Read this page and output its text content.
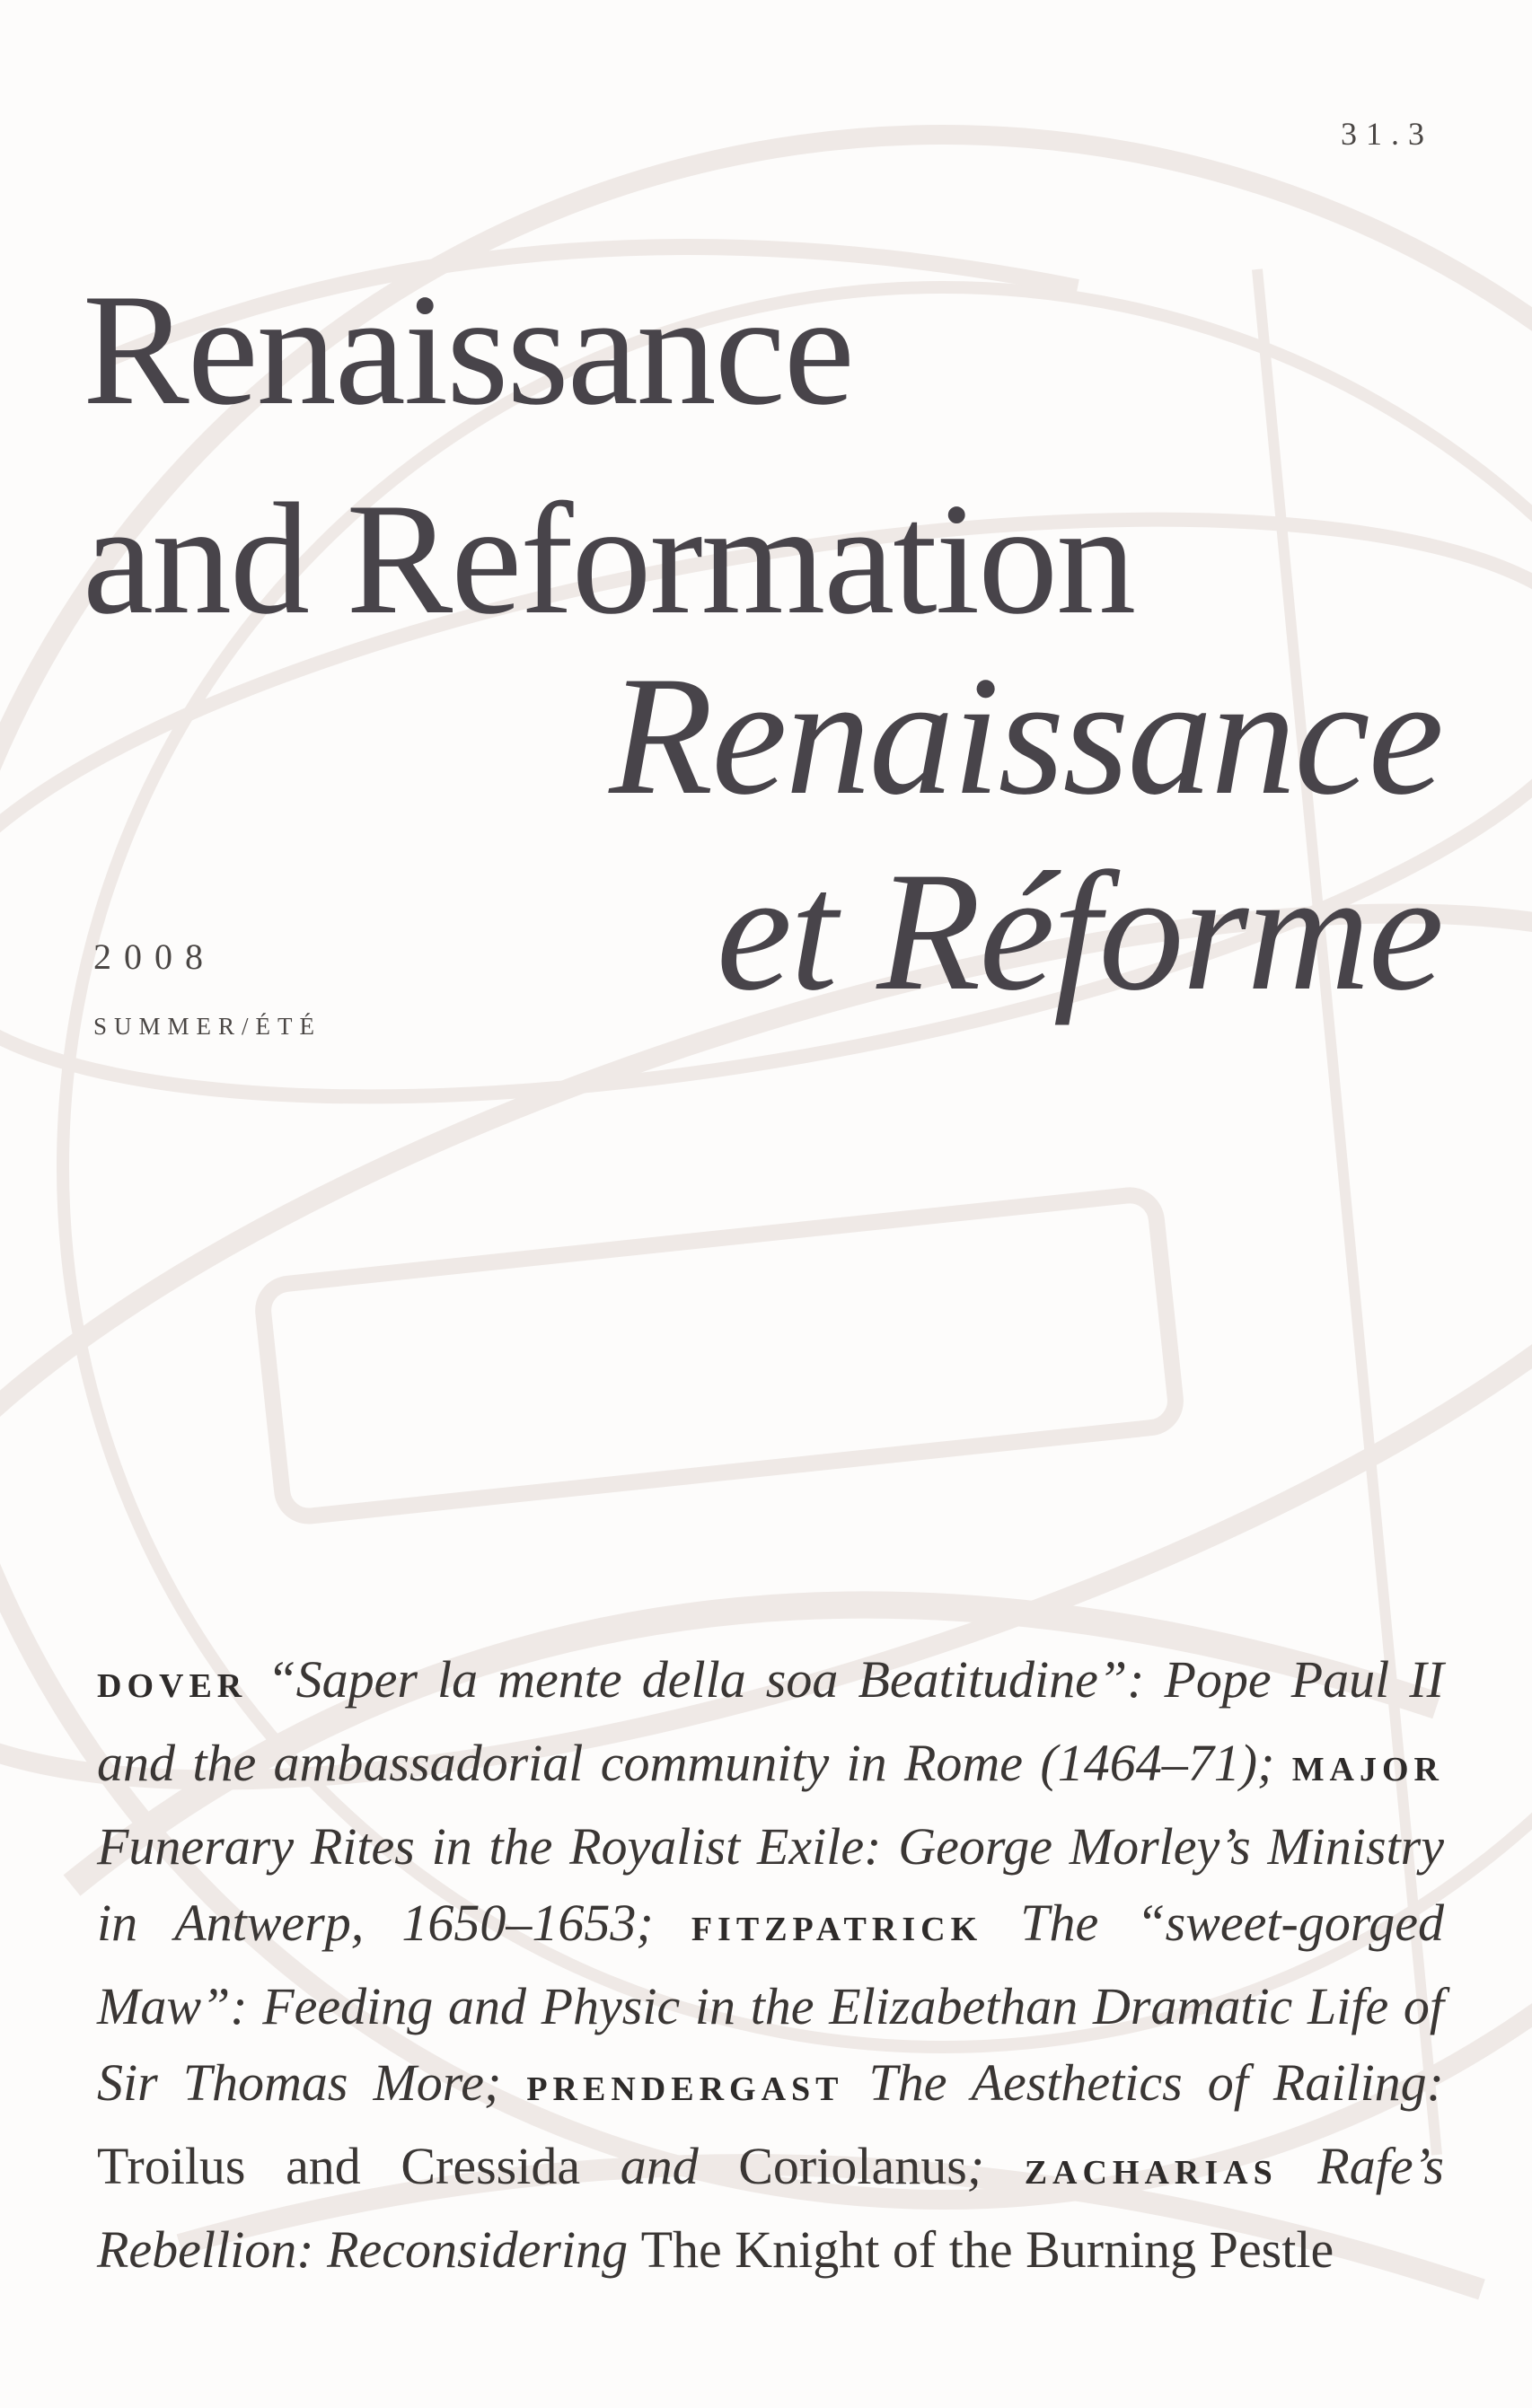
31.3
Renaissance
and Reformation
Renaissance
et Réforme
2008
SUMMER/ÉTÉ
DOVER “Saper la mente della soa Beatitudine”: Pope Paul II and the ambassadorial community in Rome (1464–71); MAJOR Funerary Rites in the Royalist Exile: George Morley’s Ministry in Antwerp, 1650–1653; FITZPATRICK The “sweet-gorged Maw”: Feeding and Physic in the Elizabethan Dramatic Life of Sir Thomas More; PRENDERGAST The Aesthetics of Railing: Troilus and Cressida and Coriolanus; ZACHARIAS Rafe’s Rebellion: Reconsidering The Knight of the Burning Pestle
